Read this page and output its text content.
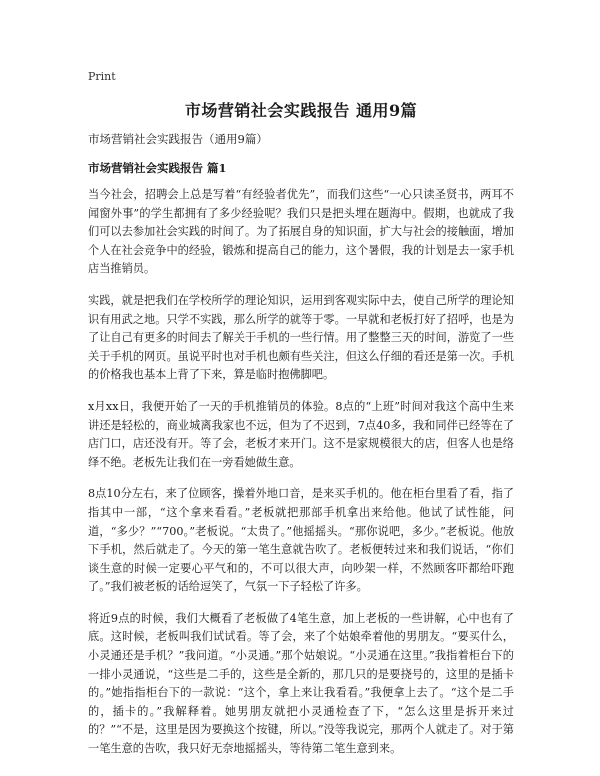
Print
市场营销社会实践报告 通用9篇

市场营销社会实践报告（通用9篇）

市场营销社会实践报告 篇1

当今社会，招聘会上总是写着“有经验者优先”，而我们这些“一心只读圣贤书，两耳不闻窗外事”的学生都拥有了多少经验呢？我们只是把头埋在题海中。假期，也就成了我们可以去参加社会实践的时间了。为了拓展自身的知识面，扩大与社会的接触面，增加个人在社会竞争中的经验，锻炼和提高自己的能力，这个暑假，我的计划是去一家手机店当推销员。

实践，就是把我们在学校所学的理论知识，运用到客观实际中去，使自己所学的理论知识有用武之地。只学不实践，那么所学的就等于零。一早就和老板打好了招呼，也是为了让自己有更多的时间去了解关于手机的一些行情。用了整整三天的时间，游览了一些关于手机的网页。虽说平时也对手机也颇有些关注，但这么仔细的看还是第一次。手机的价格我也基本上背了下来，算是临时抱佛脚吧。

x月xx日，我便开始了一天的手机推销员的体验。8点的“上班”时间对我这个高中生来讲还是轻松的，商业城离我家也不远，但为了不迟到，7点40多，我和同伴已经等在了店门口，店还没有开。等了会，老板才来开门。这不是家规模很大的店，但客人也是络绎不绝。老板先让我们在一旁看她做生意。

8点10分左右，来了位顾客，操着外地口音，是来买手机的。他在柜台里看了看，指了指其中一部，“这个拿来看看。”老板就把那部手机拿出来给他。他试了试性能，问道，“多少？”“700。”老板说。“太贵了。”他摇摇头。“那你说吧，多少。”老板说。他放下手机，然后就走了。今天的第一笔生意就告吹了。老板便转过来和我们说话，“你们谈生意的时候一定要心平气和的，不可以很大声，向吵架一样，不然顾客吓都给吓跑了。”我们被老板的话给逗笑了，气氛一下子轻松了许多。

将近9点的时候，我们大概看了老板做了4笔生意，加上老板的一些讲解，心中也有了底。这时候，老板叫我们试试看。等了会，来了个姑娘牵着他的男朋友。“要买什么，小灵通还是手机？”我问道。“小灵通。”那个姑娘说。“小灵通在这里。”我指着柜台下的一排小灵通说，“这些是二手的，这些是全新的，那几只的是要挠号的，这里的是插卡的。”她指指柜台下的一款说：“这个，拿上来让我看看。”我便拿上去了。“这个是二手的，插卡的。”我解释着。她男朋友就把小灵通检查了下，“怎么这里是拆开来过的？”“不是，这里是因为要换这个按键，所以。”没等我说完，那两个人就走了。对于第一笔生意的告吹，我只好无奈地摇摇头，等待第二笔生意到来。
